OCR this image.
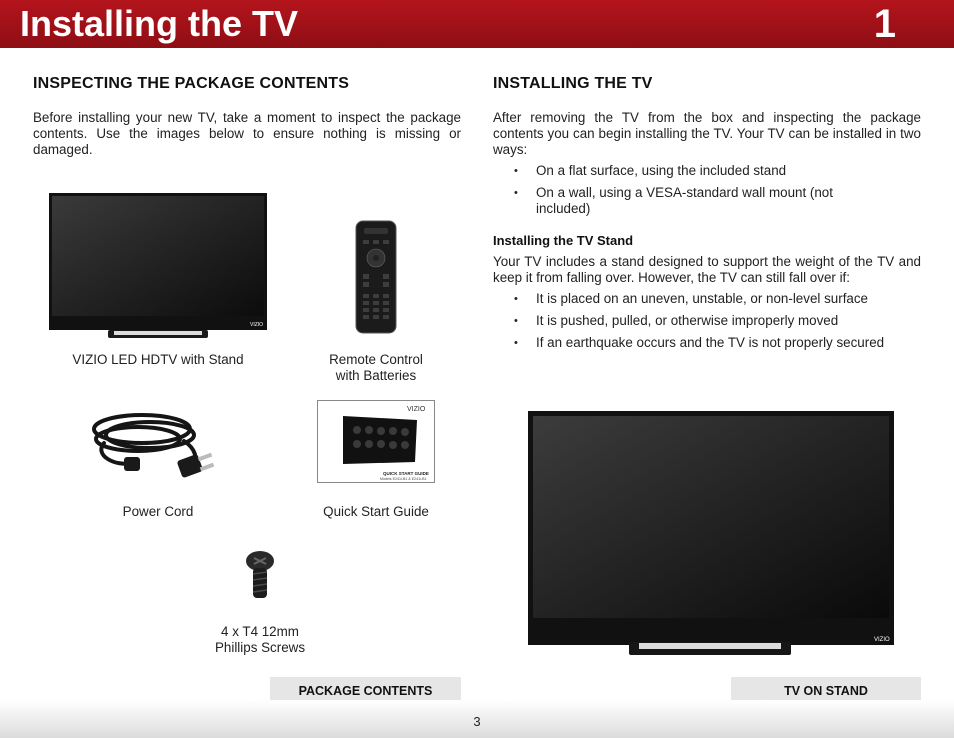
Installing the TV	1
INSPECTING THE PACKAGE CONTENTS

Before installing your new TV, take a moment to inspect the package contents. Use the images below to ensure nothing is missing or damaged.

VIZIO
VIZIO LED HDTV with Stand	Remote Control
with Batteries
VIZIO
QUICK START GUIDE
Models E241i-B1 & E241i-B1
Power Cord	Quick Start Guide
4 x T4 12mm
Phillips Screws
PACKAGE CONTENTS
INSTALLING THE TV

After removing the TV from the box and inspecting the package contents you can begin installing the TV. Your TV can be installed in two ways:

• On a flat surface, using the included stand
• On a wall, using a VESA-standard wall mount (not included)
Installing the TV Stand

Your TV includes a stand designed to support the weight of the TV and keep it from falling over. However, the TV can still fall over if:

• It is placed on an uneven, unstable, or non-level surface
• It is pushed, pulled, or otherwise improperly moved
• If an earthquake occurs and the TV is not properly secured
VIZIO
TV ON STAND
3
